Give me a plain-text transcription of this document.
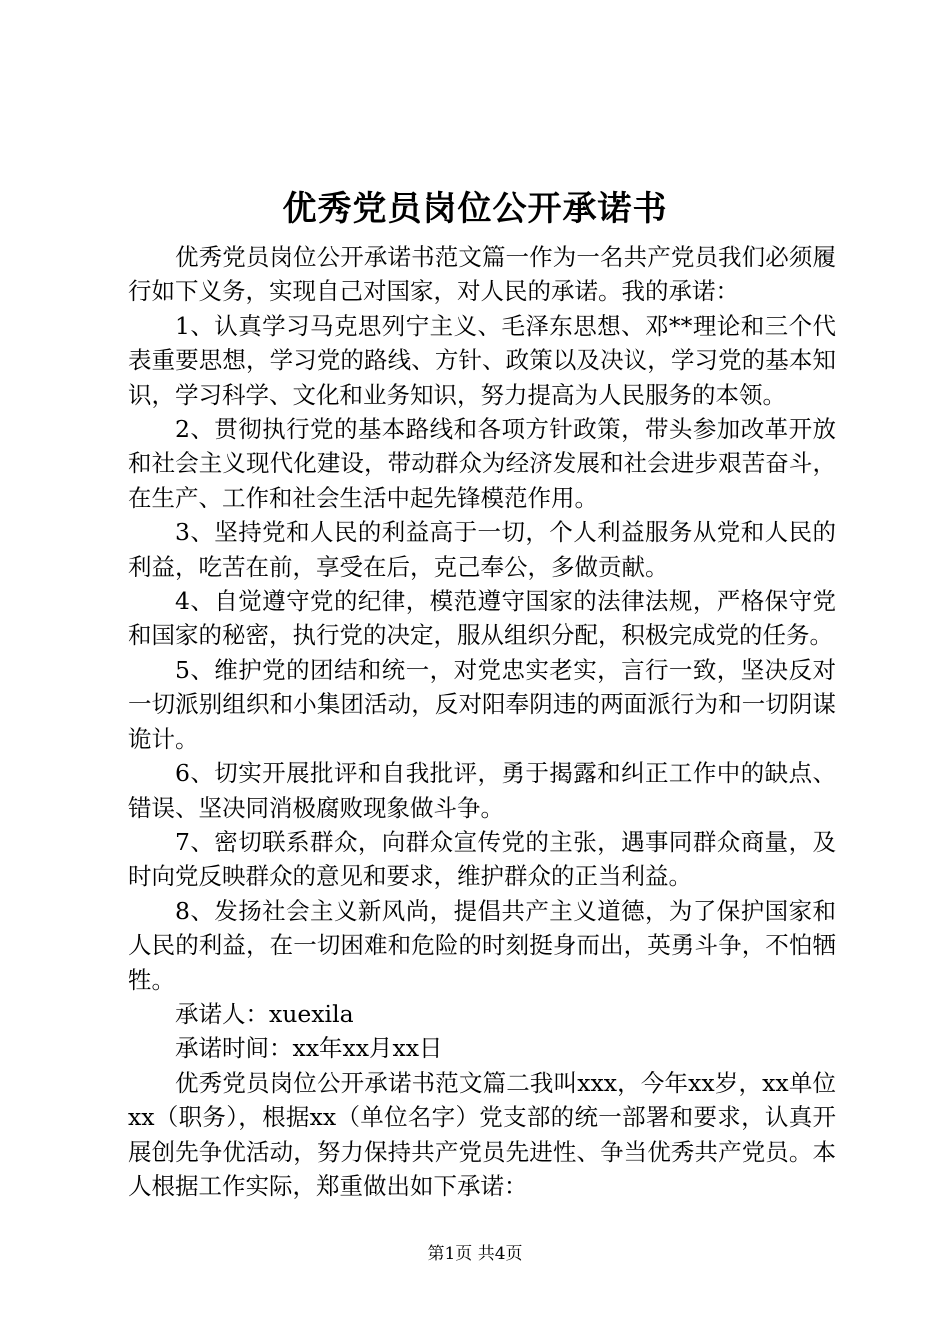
优秀党员岗位公开承诺书

优秀党员岗位公开承诺书范文篇一作为一名共产党员我们必须履行如下义务，实现自己对国家，对人民的承诺。我的承诺：

1、认真学习马克思列宁主义、毛泽东思想、邓**理论和三个代表重要思想，学习党的路线、方针、政策以及决议，学习党的基本知识，学习科学、文化和业务知识，努力提高为人民服务的本领。

2、贯彻执行党的基本路线和各项方针政策，带头参加改革开放和社会主义现代化建设，带动群众为经济发展和社会进步艰苦奋斗，在生产、工作和社会生活中起先锋模范作用。

3、坚持党和人民的利益高于一切，个人利益服务从党和人民的利益，吃苦在前，享受在后，克己奉公，多做贡献。

4、自觉遵守党的纪律，模范遵守国家的法律法规，严格保守党和国家的秘密，执行党的决定，服从组织分配，积极完成党的任务。

5、维护党的团结和统一，对党忠实老实，言行一致，坚决反对一切派别组织和小集团活动，反对阳奉阴违的两面派行为和一切阴谋诡计。

6、切实开展批评和自我批评，勇于揭露和纠正工作中的缺点、错误、坚决同消极腐败现象做斗争。

7、密切联系群众，向群众宣传党的主张，遇事同群众商量，及时向党反映群众的意见和要求，维护群众的正当利益。

8、发扬社会主义新风尚，提倡共产主义道德，为了保护国家和人民的利益，在一切困难和危险的时刻挺身而出，英勇斗争，不怕牺牲。

承诺人：xuexila

承诺时间：xx年xx月xx日

优秀党员岗位公开承诺书范文篇二我叫xxx，今年xx岁，xx单位xx（职务），根据xx（单位名字）党支部的统一部署和要求，认真开展创先争优活动，努力保持共产党员先进性、争当优秀共产党员。本人根据工作实际，郑重做出如下承诺：

第1页 共4页
